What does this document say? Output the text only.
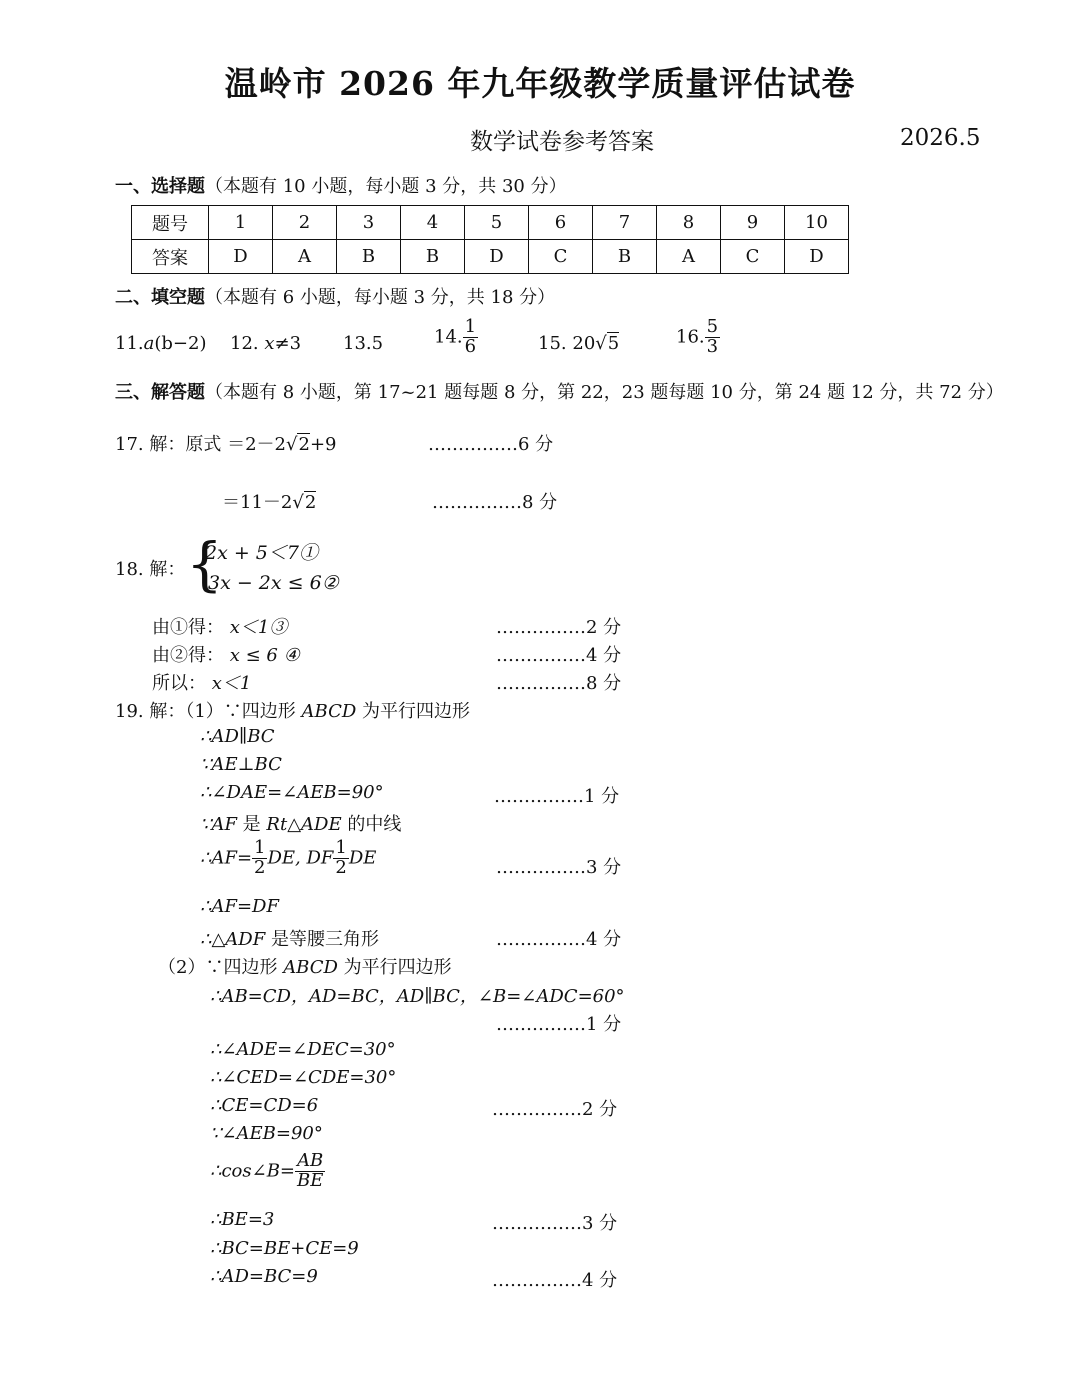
温岭市 2026 年九年级教学质量评估试卷
数学试卷参考答案	2026.5
一、选择题（本题有 10 小题，每小题 3 分，共 30 分）
题号	1	2	3	4	5	6	7	8	9	10
答案	D	A	B	B	D	C	B	A	C	D
二、填空题（本题有 6 小题，每小题 3 分，共 18 分）
11.a(b−2) 12. x≠3 13.5	14. $\frac{1}{6}$	15. 20√5	16. $\frac{5}{3}$
三、解答题（本题有 8 小题，第 17~21 题每题 8 分，第 22，23 题每题 10 分，第 24 题 12 分，共 72 分）
17. 解：原式 ＝2－2√2+9	……………6 分
＝11－2√2	……………8 分
18. 解： {
2x + 5＜7①
3x − 2x ≤ 6②
由①得： x＜1③	……………2 分
由②得： x ≤ 6 ④	……………4 分
所以： x＜1	……………8 分
19. 解：（1）∵四边形 ABCD 为平行四边形
∴AD∥BC
∵AE⊥BC
∴∠DAE=∠AEB=90°	……………1 分
∵AF 是 Rt△ADE 的中线
∴AF= $\frac{1}{2}$ DE, DF $\frac{1}{2}$ DE	……………3 分
∴AF=DF
∴△ADF 是等腰三角形	……………4 分
（2）∵四边形 ABCD 为平行四边形
∴AB=CD，AD=BC，AD∥BC，∠B=∠ADC=60°
……………1 分
∴∠ADE=∠DEC=30°
∴∠CED=∠CDE=30°
∴CE=CD=6	……………2 分
∵∠AEB=90°
∴cos∠B= $\frac{AB}{BE}$
∴BE=3	……………3 分
∴BC=BE+CE=9
∴AD=BC=9	……………4 分
